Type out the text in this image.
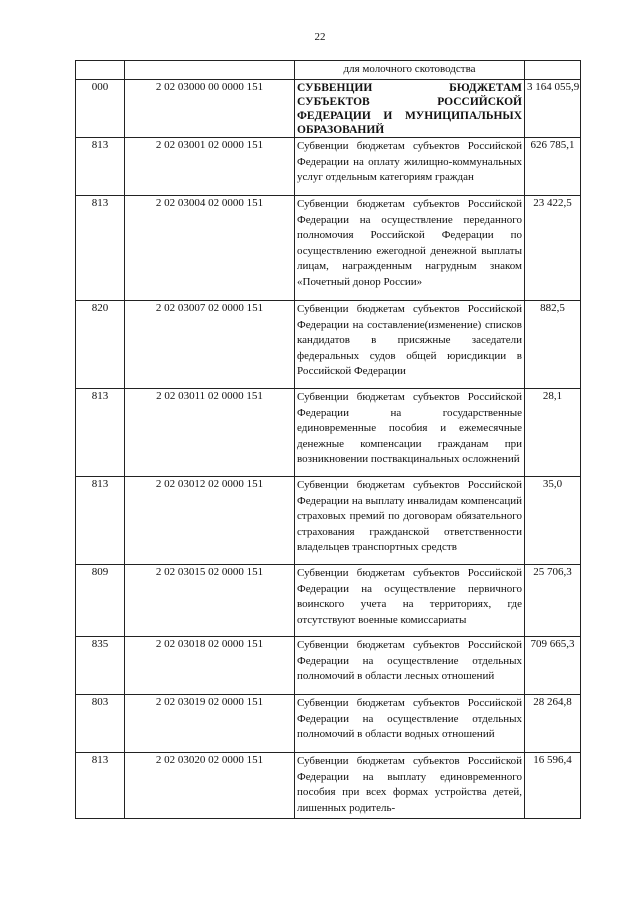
22
		для молочного скотоводства	
000	2 02 03000 00 0000 151	СУБВЕНЦИИ БЮДЖЕТАМ СУБЪЕКТОВ РОССИЙСКОЙ ФЕДЕРАЦИИ И МУНИЦИПАЛЬНЫХ ОБРАЗОВАНИЙ	3 164 055,9
813	2 02 03001 02 0000 151	Субвенции бюджетам субъектов Российской Федерации на оплату жилищно-коммунальных услуг отдельным категориям граждан	626 785,1
813	2 02 03004 02 0000 151	Субвенции бюджетам субъектов Российской Федерации на осуществление переданного полномочия Российской Федерации по осуществлению ежегодной денежной выплаты лицам, награжденным нагрудным знаком «Почетный донор России»	23 422,5
820	2 02 03007 02 0000 151	Субвенции бюджетам субъектов Российской Федерации на составление(изменение) списков кандидатов в присяжные заседатели федеральных судов общей юрисдикции в Российской Федерации	882,5
813	2 02 03011 02 0000 151	Субвенции бюджетам субъектов Российской Федерации на государственные единовременные пособия и ежемесячные денежные компенсации гражданам при возникновении поствакцинальных осложнений	28,1
813	2 02 03012 02 0000 151	Субвенции бюджетам субъектов Российской Федерации на выплату инвалидам компенсаций страховых премий по договорам обязательного страхования гражданской ответственности владельцев транспортных средств	35,0
809	2 02 03015 02 0000 151	Субвенции бюджетам субъектов Российской Федерации на осуществление первичного воинского учета на территориях, где отсутствуют военные комиссариаты	25 706,3
835	2 02 03018 02 0000 151	Субвенции бюджетам субъектов Российской Федерации на осуществление отдельных полномочий в области лесных отношений	709 665,3
803	2 02 03019 02 0000 151	Субвенции бюджетам субъектов Российской Федерации на осуществление отдельных полномочий в области водных отношений	28 264,8
813	2 02 03020 02 0000 151	Субвенции бюджетам субъектов Российской Федерации на выплату единовременного пособия при всех формах устройства детей, лишенных родитель-	16 596,4
